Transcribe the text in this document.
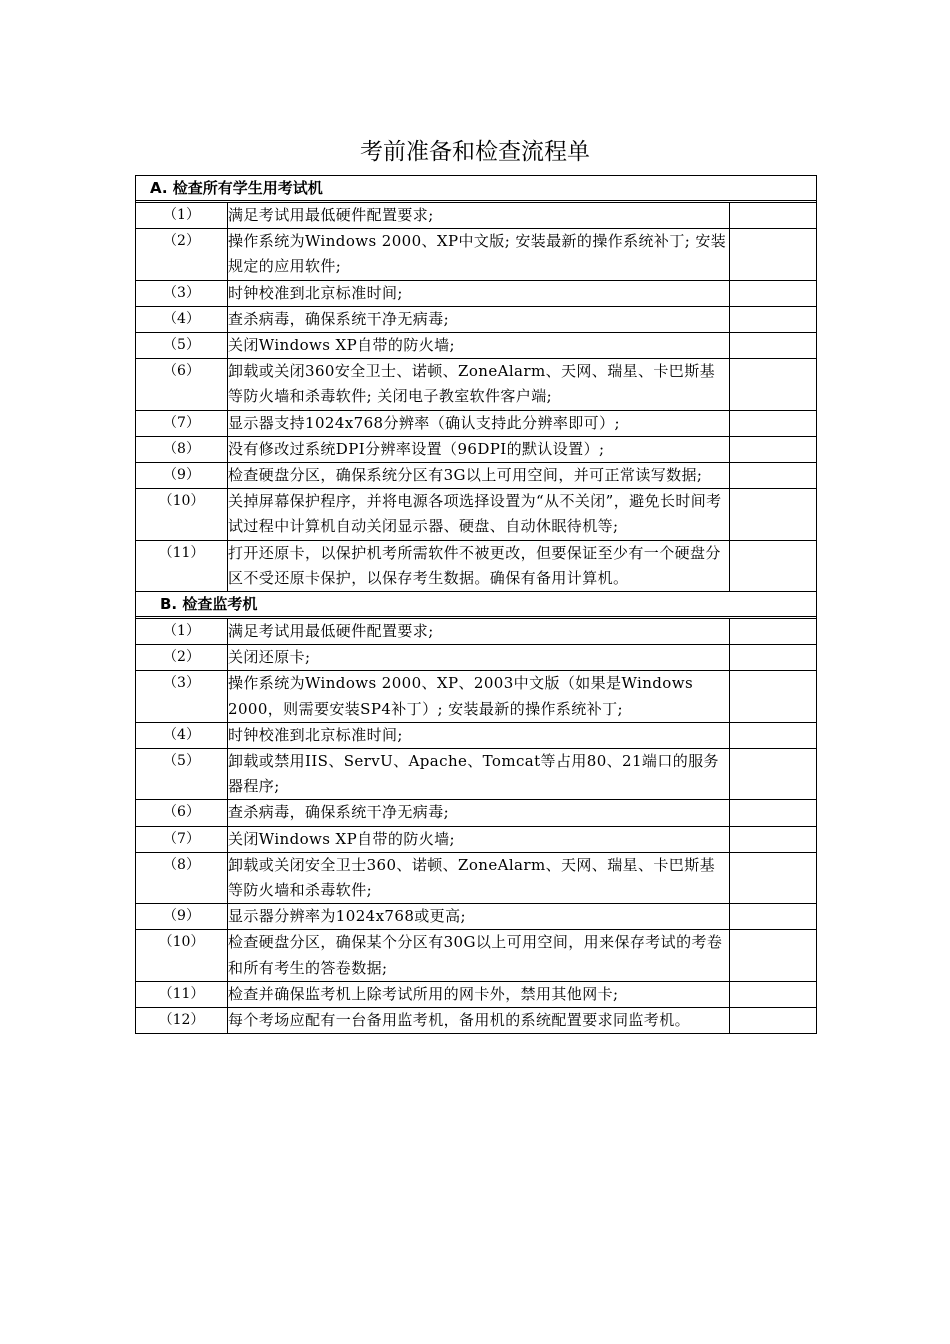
考前准备和检查流程单
A. 检查所有学生用考试机		

（1）	满足考试用最低硬件配置要求;	
（2）	操作系统为Windows 2000、XP中文版; 安装最新的操作系统补丁; 安装规定的应用软件;	
（3）	时钟校准到北京标准时间;	
（4）	查杀病毒，确保系统干净无病毒;	
（5）	关闭Windows XP自带的防火墙;	
（6）	卸载或关闭360安全卫士、诺顿、ZoneAlarm、天网、瑞星、卡巴斯基等防火墙和杀毒软件; 关闭电子教室软件客户端;	
（7）	显示器支持1024x768分辨率（确认支持此分辨率即可）;	
（8）	没有修改过系统DPI分辨率设置（96DPI的默认设置）;	
（9）	检查硬盘分区，确保系统分区有3G以上可用空间，并可正常读写数据;	
（10）	关掉屏幕保护程序，并将电源各项选择设置为“从不关闭”，避免长时间考试过程中计算机自动关闭显示器、硬盘、自动休眠待机等;	
（11）	打开还原卡，以保护机考所需软件不被更改，但要保证至少有一个硬盘分区不受还原卡保护，以保存考生数据。确保有备用计算机。	
B. 检查监考机		

（1）	满足考试用最低硬件配置要求;	
（2）	关闭还原卡;	
（3）	操作系统为Windows 2000、XP、2003中文版（如果是Windows 2000，则需要安装SP4补丁）; 安装最新的操作系统补丁;	
（4）	时钟校准到北京标准时间;	
（5）	卸载或禁用IIS、ServU、Apache、Tomcat等占用80、21端口的服务器程序;	
（6）	查杀病毒，确保系统干净无病毒;	
（7）	关闭Windows XP自带的防火墙;	
（8）	卸载或关闭安全卫士360、诺顿、ZoneAlarm、天网、瑞星、卡巴斯基等防火墙和杀毒软件;	
（9）	显示器分辨率为1024x768或更高;	
（10）	检查硬盘分区，确保某个分区有30G以上可用空间，用来保存考试的考卷和所有考生的答卷数据;	
（11）	检查并确保监考机上除考试所用的网卡外，禁用其他网卡;	
（12）	每个考场应配有一台备用监考机，备用机的系统配置要求同监考机。	
